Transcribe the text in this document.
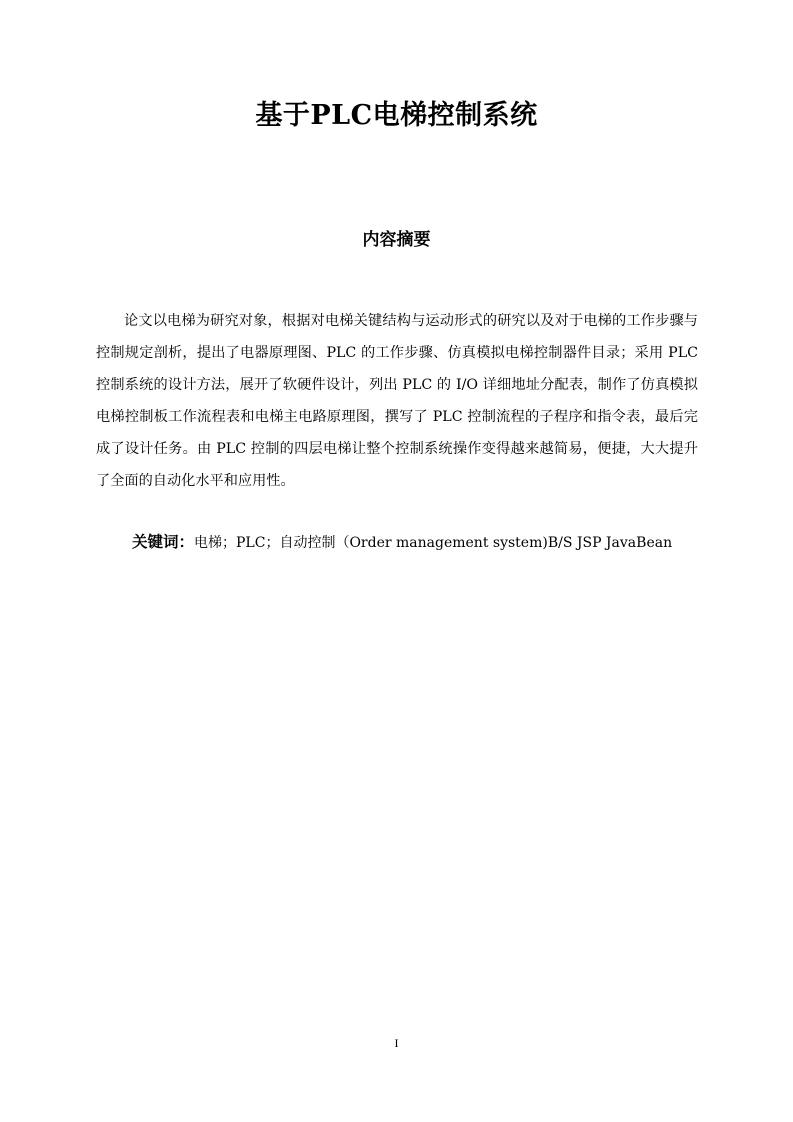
基于PLC电梯控制系统
内容摘要

论文以电梯为研究对象，根据对电梯关键结构与运动形式的研究以及对于电梯的工作步骤与控制规定剖析，提出了电器原理图、PLC 的工作步骤、仿真模拟电梯控制器件目录；采用 PLC 控制系统的设计方法，展开了软硬件设计，列出 PLC 的 I/O 详细地址分配表，制作了仿真模拟电梯控制板工作流程表和电梯主电路原理图，撰写了 PLC 控制流程的子程序和指令表，最后完成了设计任务。由 PLC 控制的四层电梯让整个控制系统操作变得越来越简易，便捷，大大提升了全面的自动化水平和应用性。

关键词：电梯；PLC；自动控制（Order management system)B/S JSP JavaBean
I
